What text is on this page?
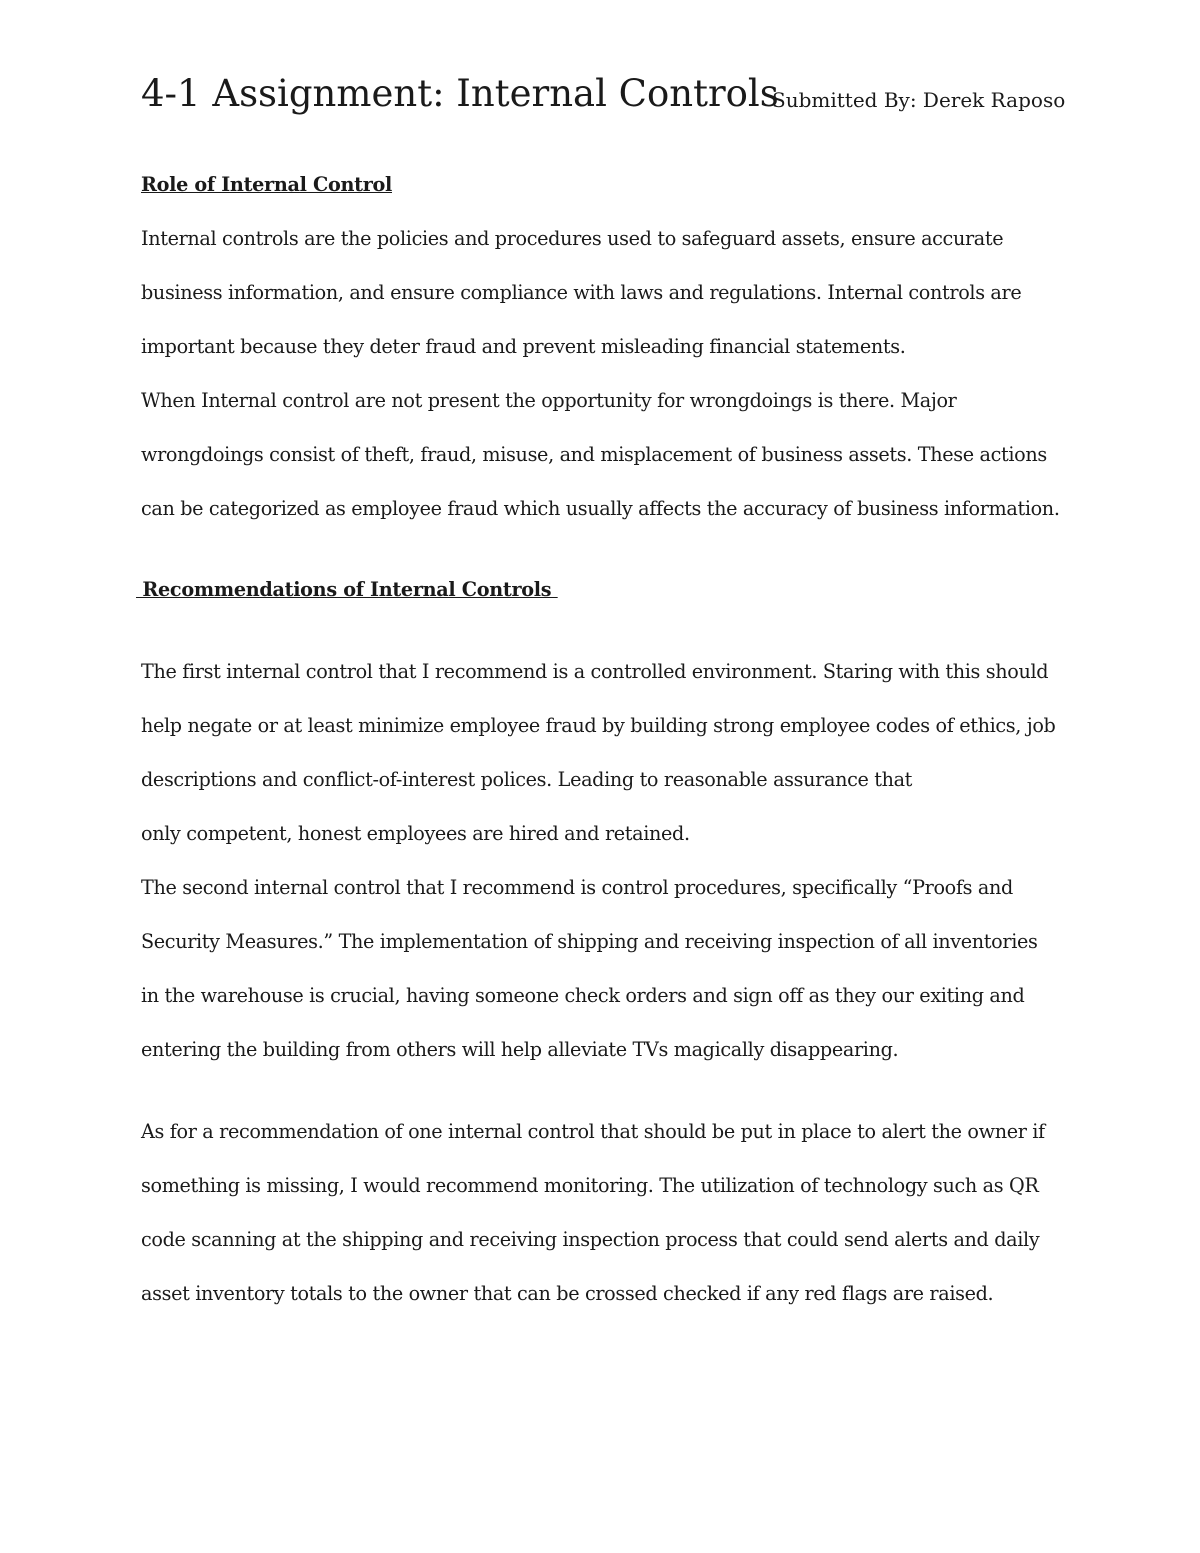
4-1 Assignment: Internal Controls
Submitted By: Derek Raposo
Role of Internal Control
Internal controls are the policies and procedures used to safeguard assets, ensure accurate
business information, and ensure compliance with laws and regulations. Internal controls are
important because they deter fraud and prevent misleading financial statements.
When Internal control are not present the opportunity for wrongdoings is there. Major
wrongdoings consist of theft, fraud, misuse, and misplacement of business assets. These actions
can be categorized as employee fraud which usually affects the accuracy of business information.
Recommendations of Internal Controls
The first internal control that I recommend is a controlled environment. Staring with this should
help negate or at least minimize employee fraud by building strong employee codes of ethics, job
descriptions and conflict-of-interest polices. Leading to reasonable assurance that
only competent, honest employees are hired and retained.
The second internal control that I recommend is control procedures, specifically “Proofs and
Security Measures.” The implementation of shipping and receiving inspection of all inventories
in the warehouse is crucial, having someone check orders and sign off as they our exiting and
entering the building from others will help alleviate TVs magically disappearing.
As for a recommendation of one internal control that should be put in place to alert the owner if
something is missing, I would recommend monitoring. The utilization of technology such as QR
code scanning at the shipping and receiving inspection process that could send alerts and daily
asset inventory totals to the owner that can be crossed checked if any red flags are raised.
